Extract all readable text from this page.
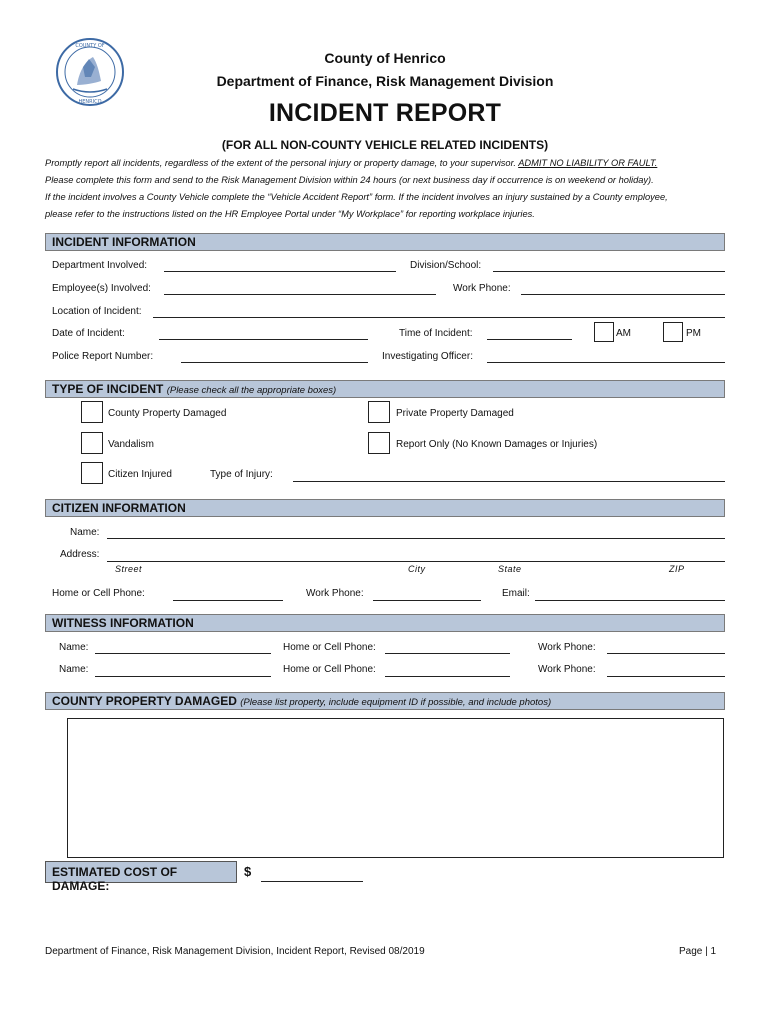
COUNTY OF
HENRICO
County of Henrico
Department of Finance, Risk Management Division
INCIDENT REPORT
(FOR ALL NON-COUNTY VEHICLE RELATED INCIDENTS)
Promptly report all incidents, regardless of the extent of the personal injury or property damage, to your supervisor. ADMIT NO LIABILITY OR FAULT.
Please complete this form and send to the Risk Management Division within 24 hours (or next business day if occurrence is on weekend or holiday).
If the incident involves a County Vehicle complete the “Vehicle Accident Report” form. If the incident involves an injury sustained by a County employee,
please refer to the instructions listed on the HR Employee Portal under “My Workplace” for reporting workplace injuries.
INCIDENT INFORMATION
Department Involved:	Division/School:
Employee(s) Involved:	Work Phone:
Location of Incident:
Date of Incident:	Time of Incident:	AM	PM
Police Report Number:	Investigating Officer:
TYPE OF INCIDENT (Please check all the appropriate boxes)
County Property Damaged	Private Property Damaged
Vandalism	Report Only (No Known Damages or Injuries)
Citizen Injured	Type of Injury:
CITIZEN INFORMATION
Name:
Address:
Street	City	State	ZIP
Home or Cell Phone:	Work Phone:	Email:
WITNESS INFORMATION
Name:	Home or Cell Phone:	Work Phone:
Name:	Home or Cell Phone:	Work Phone:
COUNTY PROPERTY DAMAGED (Please list property, include equipment ID if possible, and include photos)
ESTIMATED COST OF DAMAGE:
$
Department of Finance, Risk Management Division, Incident Report, Revised 08/2019	Page | 1
